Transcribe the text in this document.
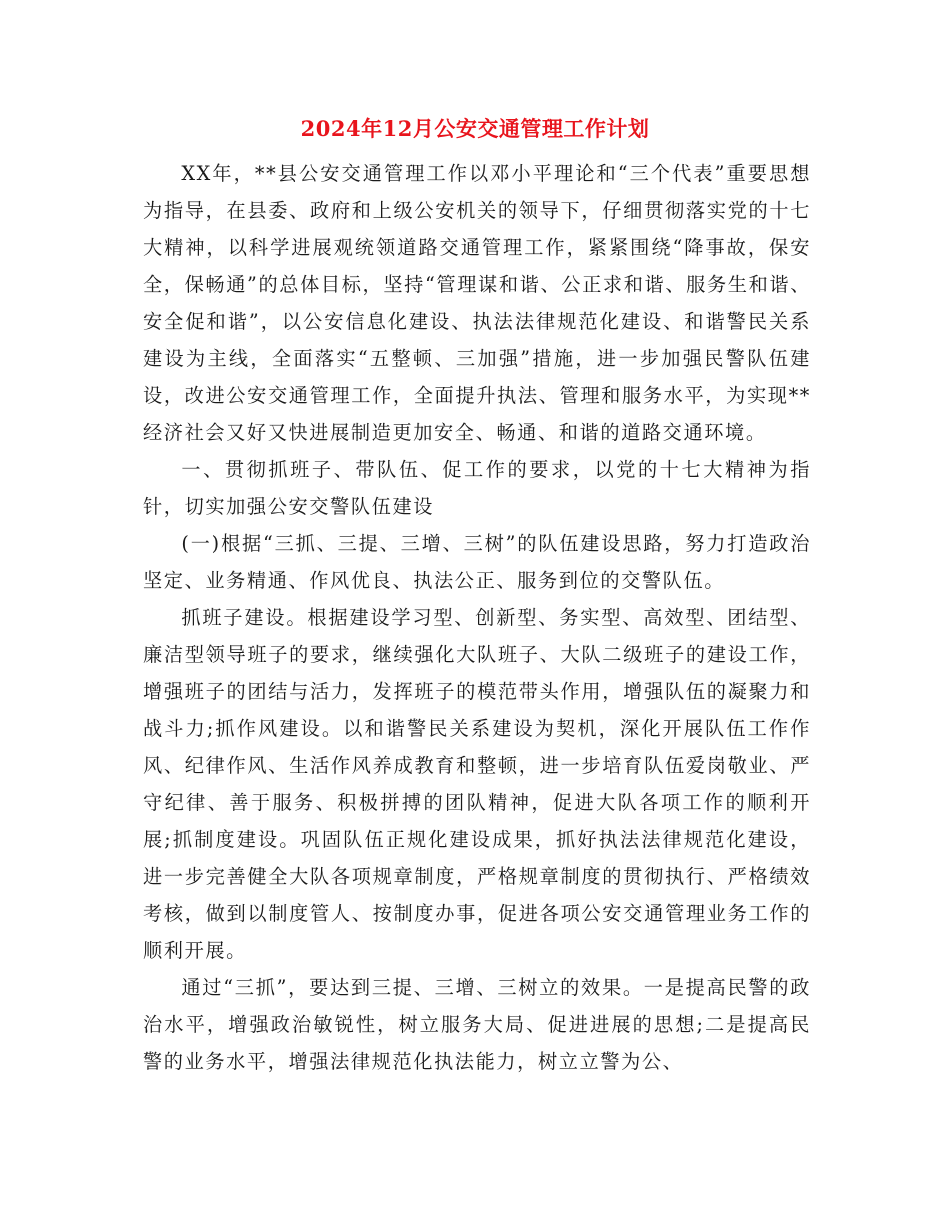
2024年12月公安交通管理工作计划

XX年，**县公安交通管理工作以邓小平理论和“三个代表”重要思想为指导，在县委、政府和上级公安机关的领导下，仔细贯彻落实党的十七大精神，以科学进展观统领道路交通管理工作，紧紧围绕“降事故，保安全，保畅通”的总体目标，坚持“管理谋和谐、公正求和谐、服务生和谐、安全促和谐”，以公安信息化建设、执法法律规范化建设、和谐警民关系建设为主线，全面落实“五整顿、三加强”措施，进一步加强民警队伍建设，改进公安交通管理工作，全面提升执法、管理和服务水平，为实现**经济社会又好又快进展制造更加安全、畅通、和谐的道路交通环境。

一、贯彻抓班子、带队伍、促工作的要求，以党的十七大精神为指针，切实加强公安交警队伍建设

(一)根据“三抓、三提、三增、三树”的队伍建设思路，努力打造政治坚定、业务精通、作风优良、执法公正、服务到位的交警队伍。

抓班子建设。根据建设学习型、创新型、务实型、高效型、团结型、廉洁型领导班子的要求，继续强化大队班子、大队二级班子的建设工作，增强班子的团结与活力，发挥班子的模范带头作用，增强队伍的凝聚力和战斗力;抓作风建设。以和谐警民关系建设为契机，深化开展队伍工作作风、纪律作风、生活作风养成教育和整顿，进一步培育队伍爱岗敬业、严守纪律、善于服务、积极拼搏的团队精神，促进大队各项工作的顺利开展;抓制度建设。巩固队伍正规化建设成果，抓好执法法律规范化建设，进一步完善健全大队各项规章制度，严格规章制度的贯彻执行、严格绩效考核，做到以制度管人、按制度办事，促进各项公安交通管理业务工作的顺利开展。

通过“三抓”，要达到三提、三增、三树立的效果。一是提高民警的政治水平，增强政治敏锐性，树立服务大局、促进进展的思想;二是提高民警的业务水平，增强法律规范化执法能力，树立立警为公、
